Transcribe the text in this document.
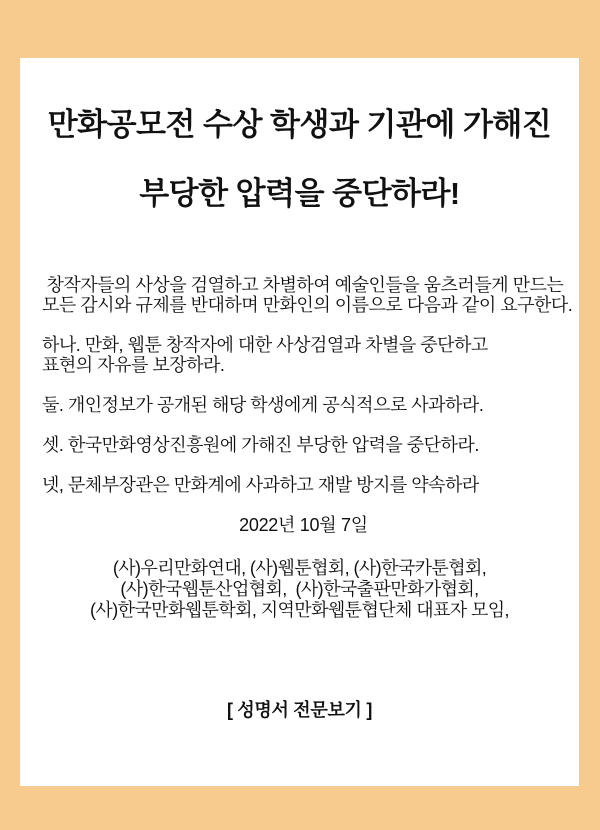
만화공모전 수상 학생과 기관에 가해진
부당한 압력을 중단하라!
창작자들의 사상을 검열하고 차별하여 예술인들을 움츠러들게 만드는
모든 감시와 규제를 반대하며 만화인의 이름으로 다음과 같이 요구한다.
하나. 만화, 웹툰 창작자에 대한 사상검열과 차별을 중단하고
표현의 자유를 보장하라.
둘. 개인정보가 공개된 해당 학생에게 공식적으로 사과하라.
셋. 한국만화영상진흥원에 가해진 부당한 압력을 중단하라.
넷, 문체부장관은 만화계에 사과하고 재발 방지를 약속하라
2022년 10월 7일
(사)우리만화연대, (사)웹툰협회, (사)한국카툰협회,
(사)한국웹툰산업협회,  (사)한국출판만화가협회,
(사)한국만화웹툰학회, 지역만화웹툰협단체 대표자 모임,
[ 성명서 전문보기 ]
